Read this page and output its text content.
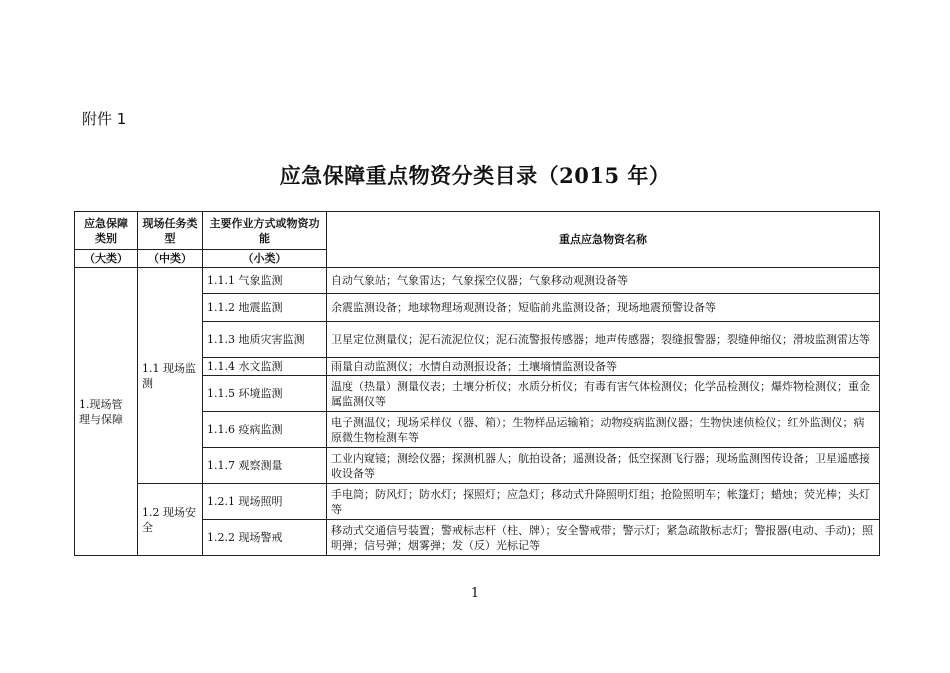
附件 1
应急保障重点物资分类目录（2015 年）
应急保障类别	现场任务类型	主要作业方式或物资功能	重点应急物资名称
（大类）	（中类）	（小类）	
1.现场管理与保障	1.1 现场监测	1.1.1 气象监测	自动气象站；气象雷达；气象探空仪器；气象移动观测设备等
		1.1.2 地震监测	余震监测设备；地球物理场观测设备；短临前兆监测设备；现场地震预警设备等
		1.1.3 地质灾害监测	卫星定位测量仪；泥石流泥位仪；泥石流警报传感器；地声传感器；裂缝报警器；裂缝伸缩仪；滑坡监测雷达等
		1.1.4 水文监测	雨量自动监测仪；水情自动测报设备；土壤墒情监测设备等
		1.1.5 环境监测	温度（热量）测量仪表；土壤分析仪；水质分析仪；有毒有害气体检测仪；化学品检测仪；爆炸物检测仪；重金属监测仪等
		1.1.6 疫病监测	电子测温仪；现场采样仪（器、箱）；生物样品运输箱；动物疫病监测仪器；生物快速侦检仪；红外监测仪；病原微生物检测车等
		1.1.7 观察测量	工业内窥镜；测绘仪器；探测机器人；航拍设备；遥测设备；低空探测飞行器；现场监测图传设备；卫星遥感接收设备等
	1.2 现场安全	1.2.1 现场照明	手电筒；防风灯；防水灯；探照灯；应急灯；移动式升降照明灯组；抢险照明车；帐篷灯；蜡烛；荧光棒；头灯等
		1.2.2 现场警戒	移动式交通信号装置；警戒标志杆（柱、牌）；安全警戒带；警示灯；紧急疏散标志灯；警报器(电动、手动)；照明弹；信号弹；烟雾弹；发（反）光标记等
1
